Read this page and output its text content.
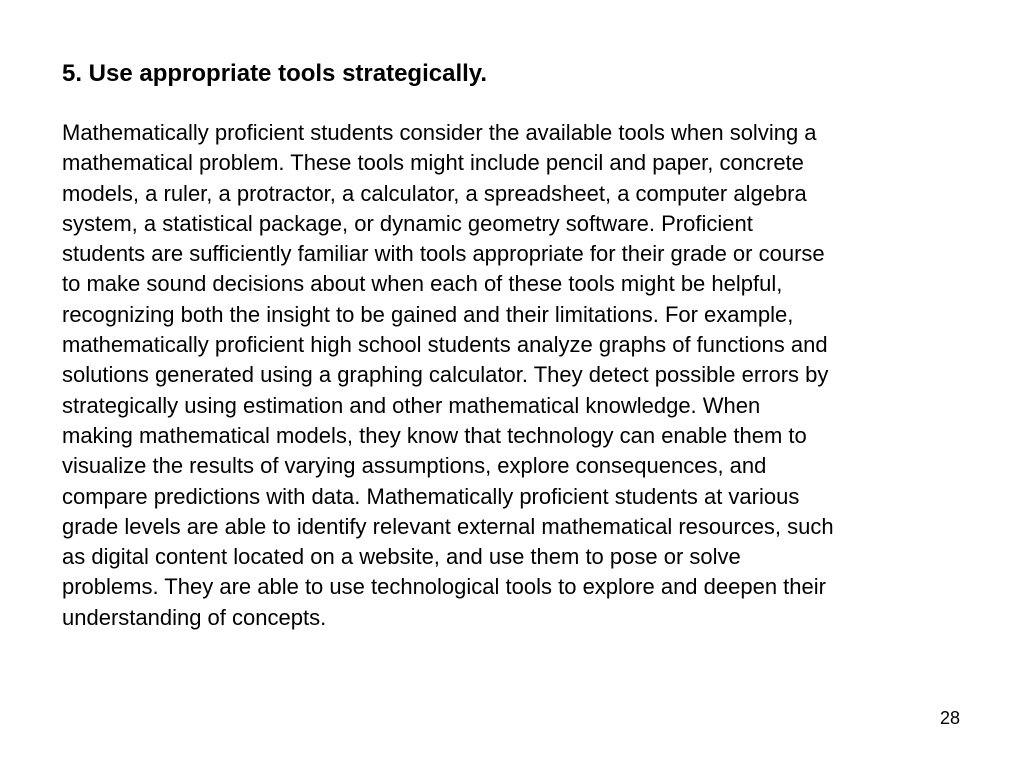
5. Use appropriate tools strategically.

Mathematically proficient students consider the available tools when solving a
mathematical problem. These tools might include pencil and paper, concrete
models, a ruler, a protractor, a calculator, a spreadsheet, a computer algebra
system, a statistical package, or dynamic geometry software. Proficient
students are sufficiently familiar with tools appropriate for their grade or course
to make sound decisions about when each of these tools might be helpful,
recognizing both the insight to be gained and their limitations. For example,
mathematically proficient high school students analyze graphs of functions and
solutions generated using a graphing calculator. They detect possible errors by
strategically using estimation and other mathematical knowledge. When
making mathematical models, they know that technology can enable them to
visualize the results of varying assumptions, explore consequences, and
compare predictions with data. Mathematically proficient students at various
grade levels are able to identify relevant external mathematical resources, such
as digital content located on a website, and use them to pose or solve
problems. They are able to use technological tools to explore and deepen their
understanding of concepts.

28
